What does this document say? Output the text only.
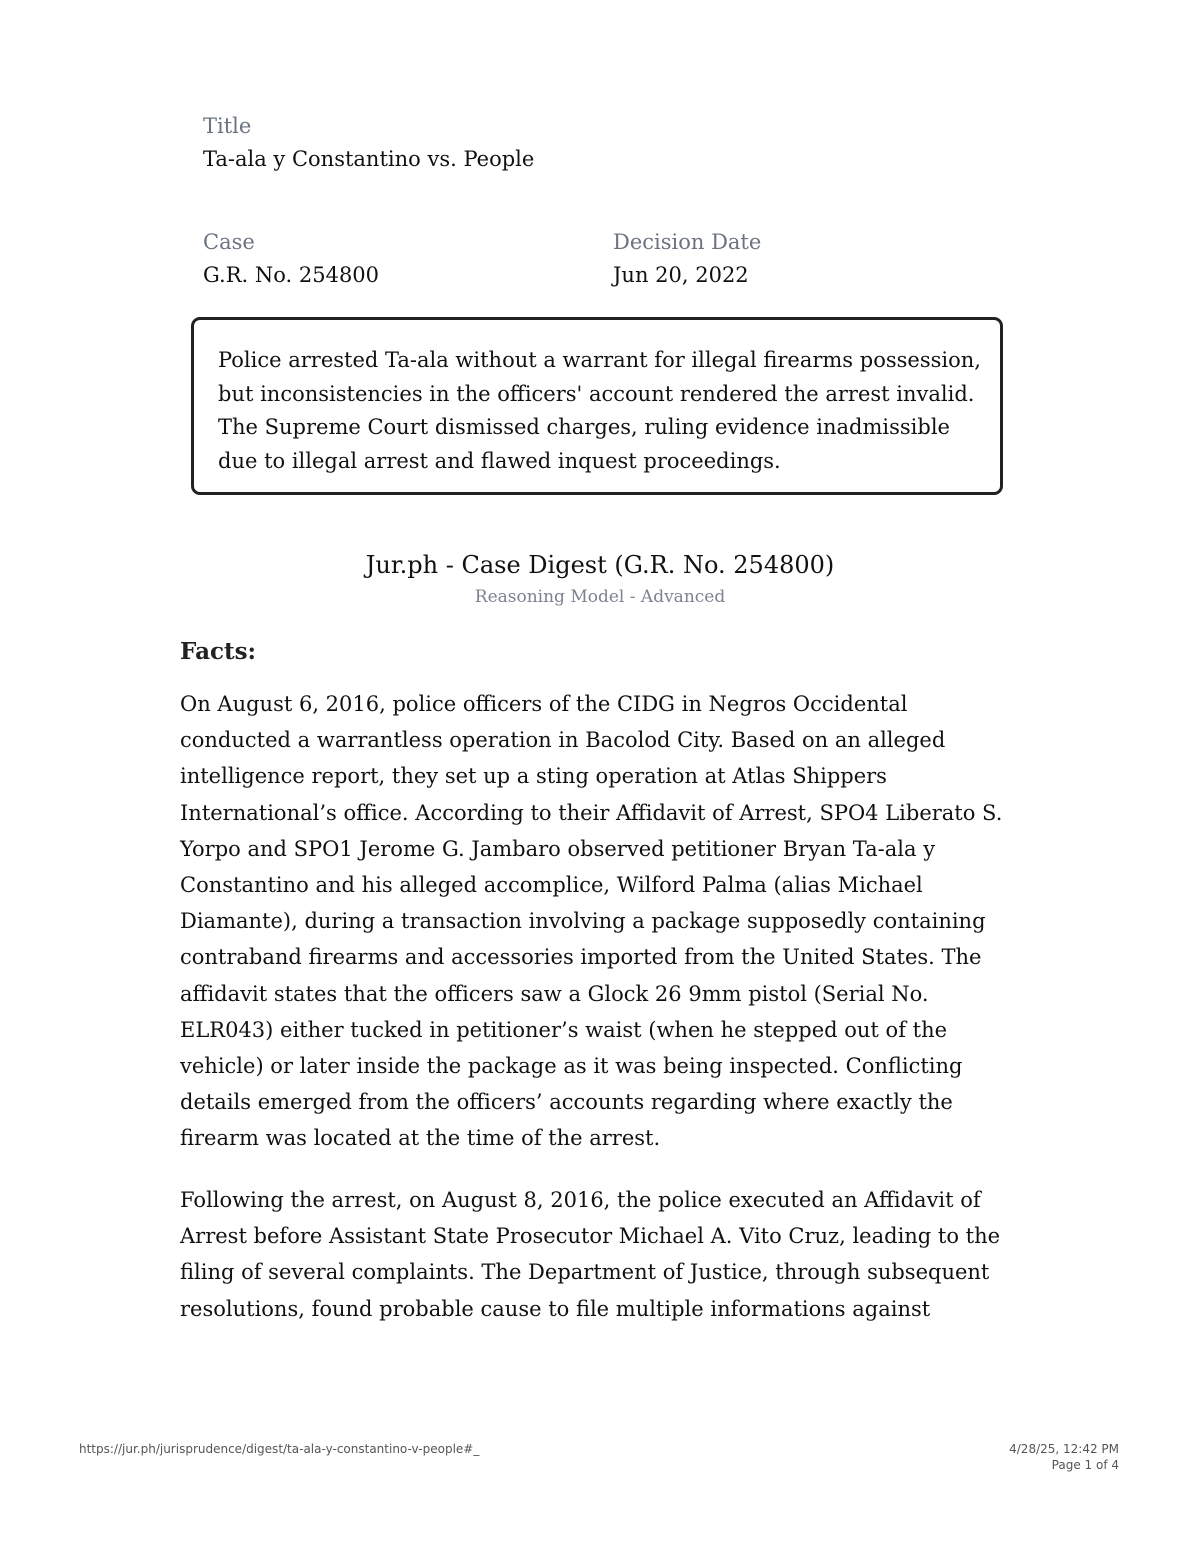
Title
Ta-ala y Constantino vs. People
Case
G.R. No. 254800
Decision Date
Jun 20, 2022

Police arrested Ta-ala without a warrant for illegal firearms possession, but inconsistencies in the officers' account rendered the arrest invalid. The Supreme Court dismissed charges, ruling evidence inadmissible due to illegal arrest and flawed inquest proceedings.

Jur.ph - Case Digest (G.R. No. 254800)
Reasoning Model - Advanced
Facts:

On August 6, 2016, police officers of the CIDG in Negros Occidental conducted a warrantless operation in Bacolod City. Based on an alleged intelligence report, they set up a sting operation at Atlas Shippers International’s office. According to their Affidavit of Arrest, SPO4 Liberato S. Yorpo and SPO1 Jerome G. Jambaro observed petitioner Bryan Ta-ala y Constantino and his alleged accomplice, Wilford Palma (alias Michael Diamante), during a transaction involving a package supposedly containing contraband firearms and accessories imported from the United States. The affidavit states that the officers saw a Glock 26 9mm pistol (Serial No. ELR043) either tucked in petitioner’s waist (when he stepped out of the vehicle) or later inside the package as it was being inspected. Conflicting details emerged from the officers’ accounts regarding where exactly the firearm was located at the time of the arrest.

Following the arrest, on August 8, 2016, the police executed an Affidavit of Arrest before Assistant State Prosecutor Michael A. Vito Cruz, leading to the filing of several complaints. The Department of Justice, through subsequent resolutions, found probable cause to file multiple informations against

https://jur.ph/jurisprudence/digest/ta-ala-y-constantino-v-people#_	4/28/25, 12:42 PM
Page 1 of 4
